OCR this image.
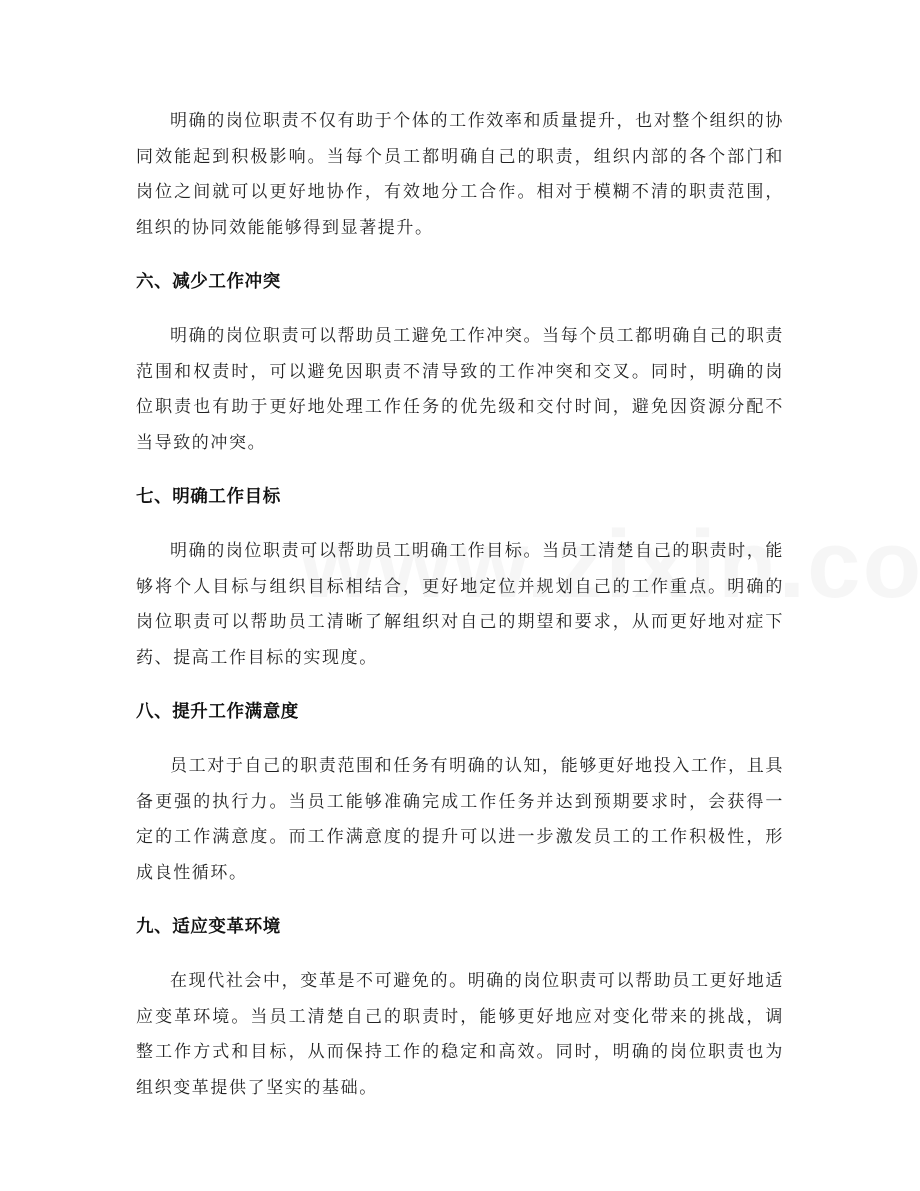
明确的岗位职责不仅有助于个体的工作效率和质量提升，也对整个组织的协同效能起到积极影响。当每个员工都明确自己的职责，组织内部的各个部门和岗位之间就可以更好地协作，有效地分工合作。相对于模糊不清的职责范围，组织的协同效能能够得到显著提升。

六、减少工作冲突

明确的岗位职责可以帮助员工避免工作冲突。当每个员工都明确自己的职责范围和权责时，可以避免因职责不清导致的工作冲突和交叉。同时，明确的岗位职责也有助于更好地处理工作任务的优先级和交付时间，避免因资源分配不当导致的冲突。

七、明确工作目标

明确的岗位职责可以帮助员工明确工作目标。当员工清楚自己的职责时，能够将个人目标与组织目标相结合，更好地定位并规划自己的工作重点。明确的岗位职责可以帮助员工清晰了解组织对自己的期望和要求，从而更好地对症下药、提高工作目标的实现度。

八、提升工作满意度

员工对于自己的职责范围和任务有明确的认知，能够更好地投入工作，且具备更强的执行力。当员工能够准确完成工作任务并达到预期要求时，会获得一定的工作满意度。而工作满意度的提升可以进一步激发员工的工作积极性，形成良性循环。

九、适应变革环境

在现代社会中，变革是不可避免的。明确的岗位职责可以帮助员工更好地适应变革环境。当员工清楚自己的职责时，能够更好地应对变化带来的挑战，调整工作方式和目标，从而保持工作的稳定和高效。同时，明确的岗位职责也为组织变革提供了坚实的基础。
